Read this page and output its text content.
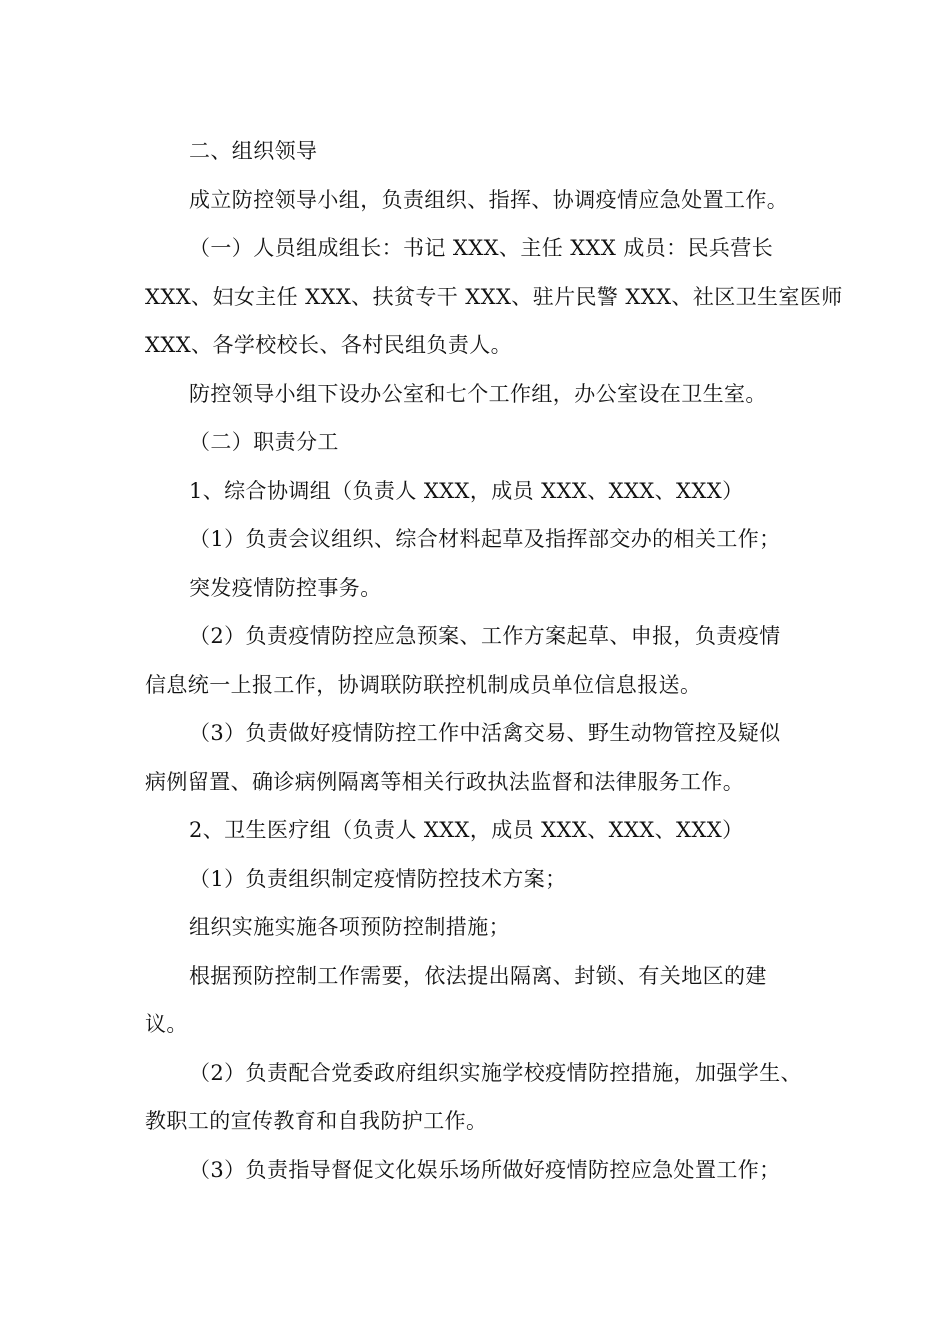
二、组织领导

成立防控领导小组，负责组织、指挥、协调疫情应急处置工作。

（一）人员组成组长：书记 XXX、主任 XXX 成员：民兵营长

XXX、妇女主任 XXX、扶贫专干 XXX、驻片民警 XXX、社区卫生室医师

XXX、各学校校长、各村民组负责人。

防控领导小组下设办公室和七个工作组，办公室设在卫生室。

（二）职责分工

1、综合协调组（负责人 XXX，成员 XXX、XXX、XXX）

（1）负责会议组织、综合材料起草及指挥部交办的相关工作；

突发疫情防控事务。

（2）负责疫情防控应急预案、工作方案起草、申报，负责疫情

信息统一上报工作，协调联防联控机制成员单位信息报送。

（3）负责做好疫情防控工作中活禽交易、野生动物管控及疑似

病例留置、确诊病例隔离等相关行政执法监督和法律服务工作。

2、卫生医疗组（负责人 XXX，成员 XXX、XXX、XXX）

（1）负责组织制定疫情防控技术方案；

组织实施实施各项预防控制措施；

根据预防控制工作需要，依法提出隔离、封锁、有关地区的建

议。

（2）负责配合党委政府组织实施学校疫情防控措施，加强学生、

教职工的宣传教育和自我防护工作。

（3）负责指导督促文化娱乐场所做好疫情防控应急处置工作；
